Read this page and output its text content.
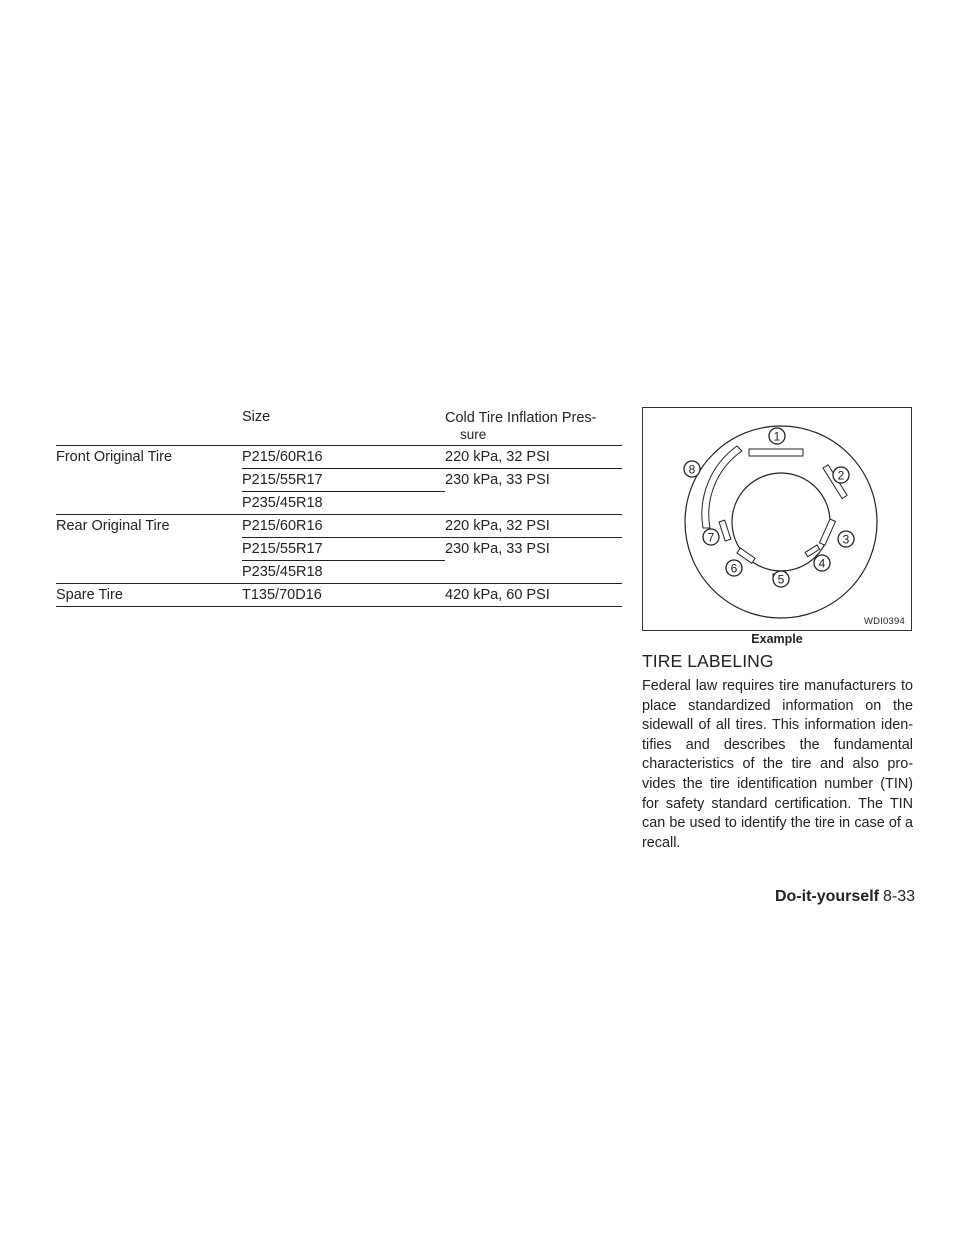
	Size	Cold Tire Inflation Pres-
sure

Front Original Tire	P215/60R16	220 kPa, 32 PSI
	P215/55R17	230 kPa, 33 PSI
	P235/45R18	
Rear Original Tire	P215/60R16	220 kPa, 32 PSI
	P215/55R17	230 kPa, 33 PSI
	P235/45R18	
Spare Tire	T135/70D16	420 kPa, 60 PSI
1
2
3
4
5
6
7
8
WDI0394
Example
TIRE LABELING

Federal law requires tire manufacturers to place standardized information on the sidewall of all tires. This information iden-tifies and describes the fundamental characteristics of the tire and also pro-vides the tire identification number (TIN) for safety standard certification. The TIN can be used to identify the tire in case of a recall.

Do-it-yourself 8-33
